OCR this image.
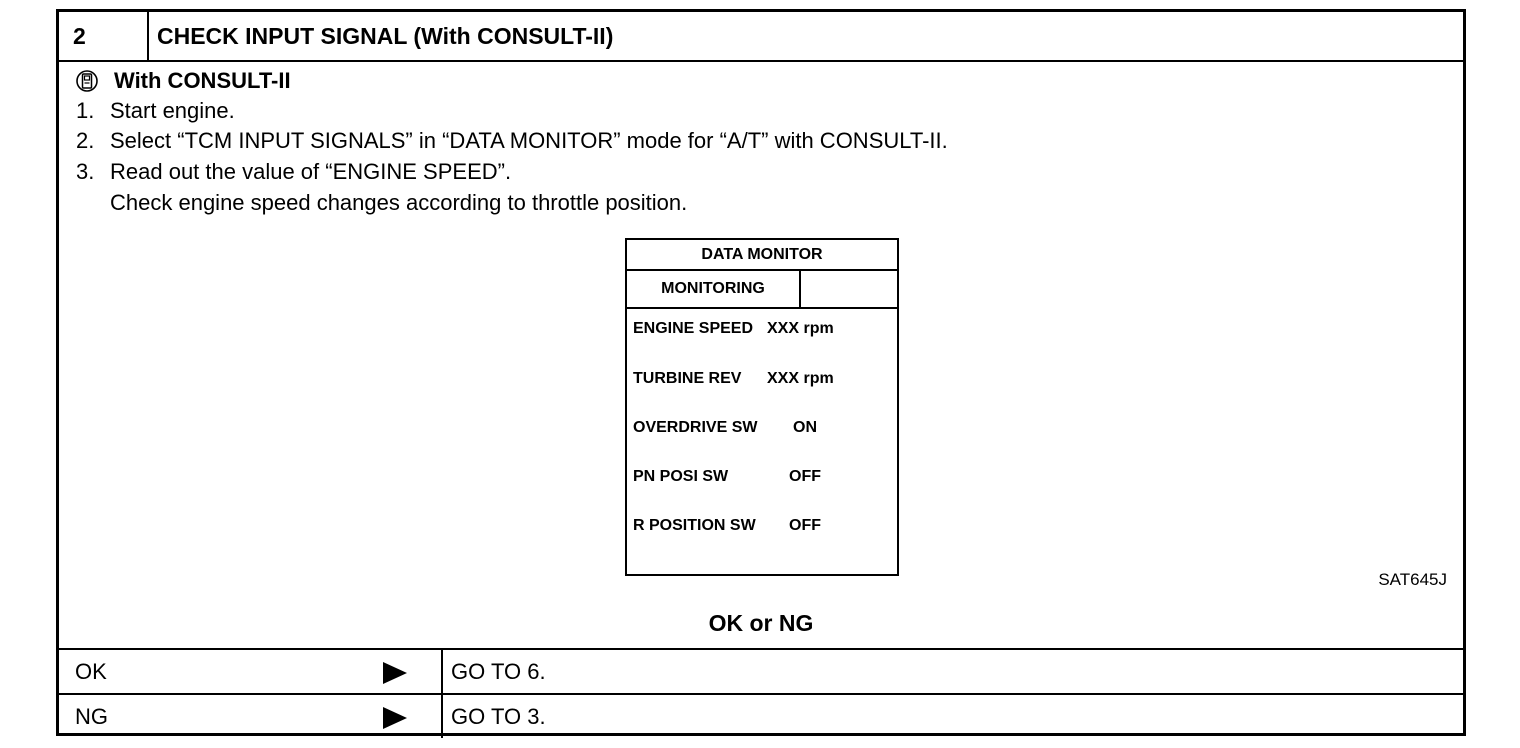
2	CHECK INPUT SIGNAL (With CONSULT-II)
With CONSULT-II
1. Start engine.
2. Select “TCM INPUT SIGNALS” in “DATA MONITOR” mode for “A/T” with CONSULT-II.
3. Read out the value of “ENGINE SPEED”.
Check engine speed changes according to throttle position.
DATA MONITOR
MONITORING
ENGINE SPEED XXX rpm
TURBINE REV XXX rpm
OVERDRIVE SW ON
PN POSI SW	OFF
R POSITION SW OFF
SAT645J
OK or NG
OK	GO TO 6.
NG	GO TO 3.
